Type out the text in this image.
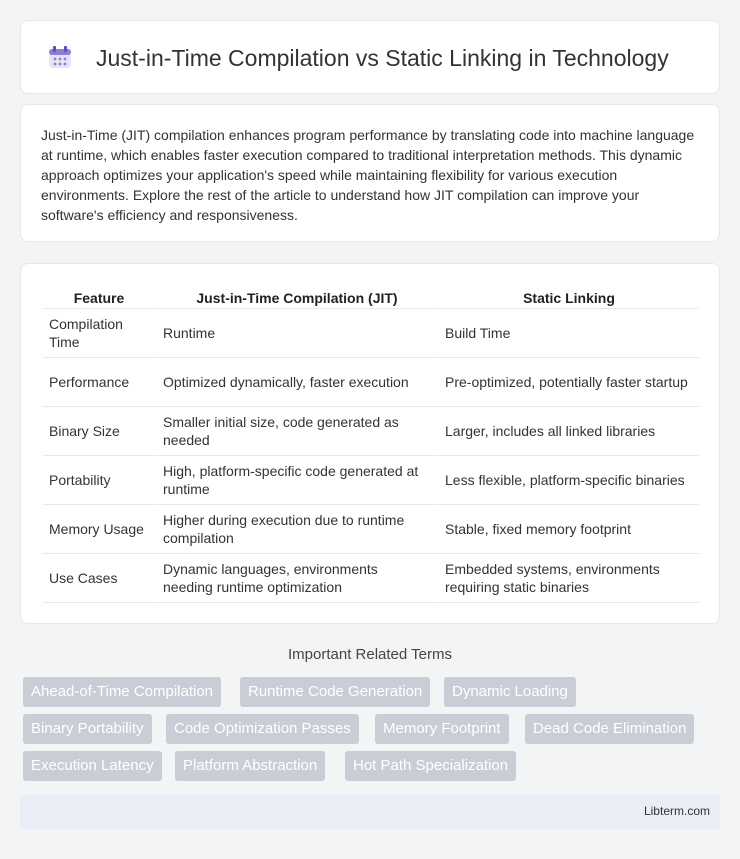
Just-in-Time Compilation vs Static Linking in Technology

Just-in-Time (JIT) compilation enhances program performance by translating code into machine language at runtime, which enables faster execution compared to traditional interpretation methods. This dynamic approach optimizes your application's speed while maintaining flexibility for various execution environments. Explore the rest of the article to understand how JIT compilation can improve your software's efficiency and responsiveness.

Feature	Just-in-Time Compilation (JIT)	Static Linking
Compilation Time	Runtime	Build Time
Performance	Optimized dynamically, faster execution	Pre-optimized, potentially faster startup
Binary Size	Smaller initial size, code generated as needed	Larger, includes all linked libraries
Portability	High, platform-specific code generated at runtime	Less flexible, platform-specific binaries
Memory Usage	Higher during execution due to runtime compilation	Stable, fixed memory footprint
Use Cases	Dynamic languages, environments needing runtime optimization	Embedded systems, environments requiring static binaries
Important Related Terms
Ahead-of-Time Compilation	Runtime Code Generation	Dynamic Loading
Binary Portability	Code Optimization Passes	Memory Footprint	Dead Code Elimination
Execution Latency	Platform Abstraction	Hot Path Specialization
Libterm.com
